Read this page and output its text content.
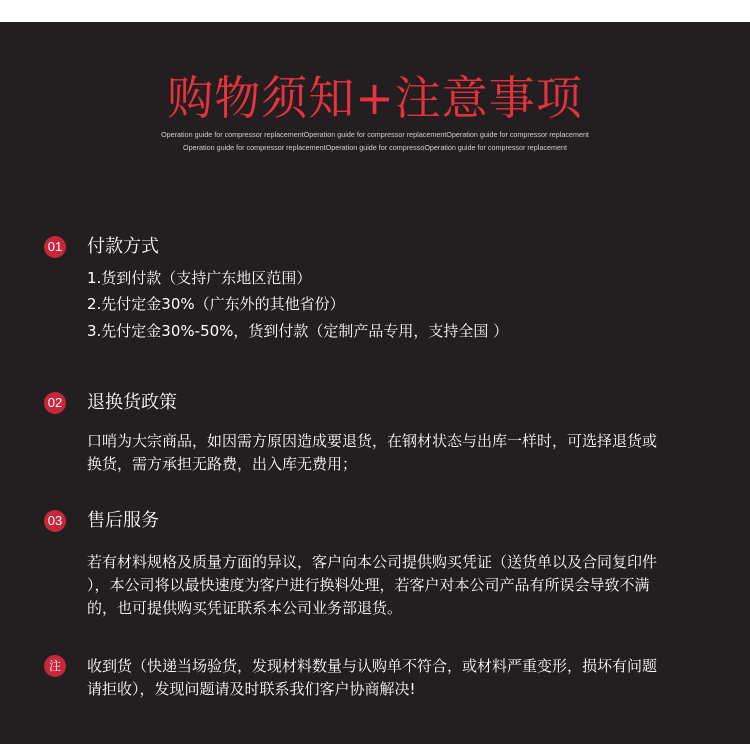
购物须知+注意事项
Operation guide for compressor replacementOperation guide for compressor replacementOperation guide for compressor replacement
Operation guide for compressor replacementOperation guide for compressoOperation guide for compressor replacement
01 付款方式
1.货到付款（支持广东地区范围）
2.先付定金30%（广东外的其他省份）
3.先付定金30%-50%，货到付款（定制产品专用，支持全国 ）
02 退换货政策
口哨为大宗商品，如因需方原因造成要退货，在钢材状态与出库一样时，可选择退货或
换货，需方承担无路费，出入库无费用；
03 售后服务
若有材料规格及质量方面的异议，客户向本公司提供购买凭证（送货单以及合同复印件
），本公司将以最快速度为客户进行换料处理，若客户对本公司产品有所误会导致不满
的，也可提供购买凭证联系本公司业务部退货。
注	收到货（快递当场验货，发现材料数量与认购单不符合，或材料严重变形，损坏有问题
请拒收），发现问题请及时联系我们客户协商解决!
